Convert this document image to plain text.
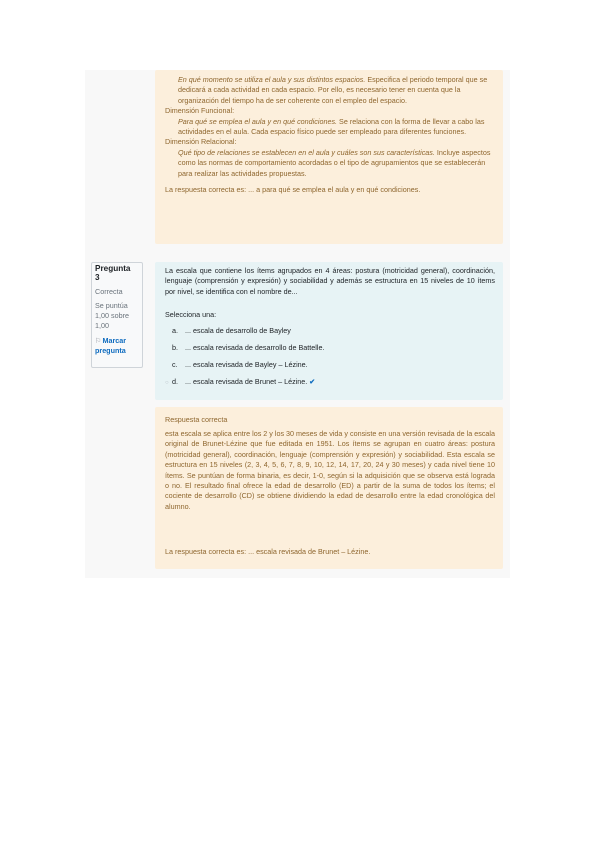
En qué momento se utiliza el aula y sus distintos espacios. Especifica el periodo temporal que se dedicará a cada actividad en cada espacio. Por ello, es necesario tener en cuenta que la organización del tiempo ha de ser coherente con el empleo del espacio.

Dimensión Funcional:

Para qué se emplea el aula y en qué condiciones. Se relaciona con la forma de llevar a cabo las actividades en el aula. Cada espacio físico puede ser empleado para diferentes funciones.

Dimensión Relacional:

Qué tipo de relaciones se establecen en el aula y cuáles son sus características. Incluye aspectos como las normas de comportamiento acordadas o el tipo de agrupamientos que se establecerán para realizar las actividades propuestas.

La respuesta correcta es: ... a para qué se emplea el aula y en qué condiciones.

Pregunta
3
Correcta
Se puntúa 1,00 sobre 1,00
⚐Marcar pregunta
La escala que contiene los ítems agrupados en 4 áreas: postura (motricidad general), coordinación, lenguaje (comprensión y expresión) y sociabilidad y además se estructura en 15 niveles de 10 ítems por nivel, se identifica con el nombre de...
Selecciona una:
a. ... escala de desarrollo de Bayley
b. ... escala revisada de desarrollo de Battelle.
c. ... escala revisada de Bayley – Lézine.
○ d. ... escala revisada de Brunet – Lézine. ✔
Respuesta correcta
esta escala se aplica entre los 2 y los 30 meses de vida y consiste en una versión revisada de la escala original de Brunet-Lézine que fue editada en 1951. Los ítems se agrupan en cuatro áreas: postura (motricidad general), coordinación, lenguaje (comprensión y expresión) y sociabilidad. Esta escala se estructura en 15 niveles (2, 3, 4, 5, 6, 7, 8, 9, 10, 12, 14, 17, 20, 24 y 30 meses) y cada nivel tiene 10 ítems. Se puntúan de forma binaria, es decir, 1-0, según si la adquisición que se observa está lograda o no. El resultado final ofrece la edad de desarrollo (ED) a partir de la suma de todos los ítems; el cociente de desarrollo (CD) se obtiene dividiendo la edad de desarrollo entre la edad cronológica del alumno.
La respuesta correcta es: ... escala revisada de Brunet – Lézine.
